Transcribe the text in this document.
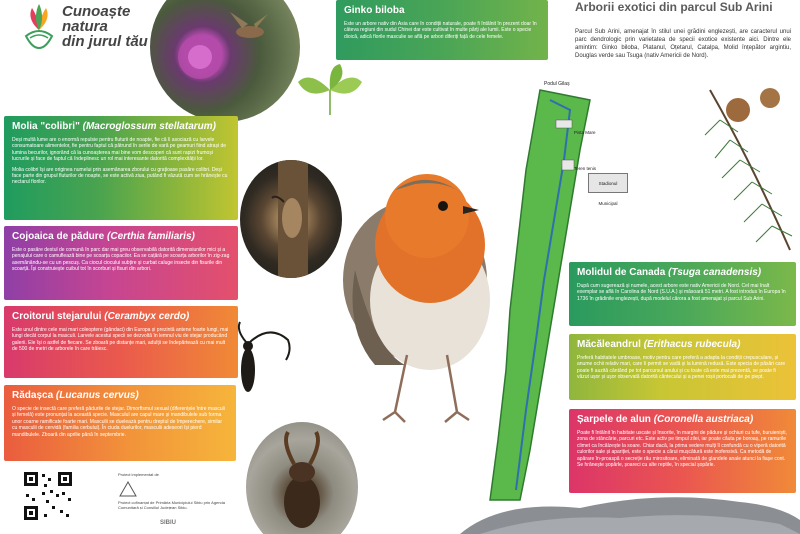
Cunoaște
natura
din jurul tău
Ginko biloba
Este un arbore nativ din Asia care în condiții naturale, poate fi întâlnit în prezent doar în câteva regiuni din sudul Chinei dar este cultivat în multe părți ale lumii. Este o specie dioică, adică florile masculie se află pe arbori diferiți față de cele femele.
Arborii exotici din parcul Sub Arini
Parcul Sub Arini, amenajat în stilul unei grădini englezești, are caracterul unui parc dendrologic prin varietatea de specii exotice existente aici. Dintre ele amintim: Ginko biloba, Platanul, Oțetarul, Catalpa, Molid înțepător argintiu, Douglas verde sau Tsuga (nativ Americii de Nord).
Molia "colibri" (Macroglossum stellatarum)

Deși multă lume are o enormă repulsie pentru fluturii de noapte, fie că îi asociază cu larvele consumatoare alimentelor, fie pentru faptul că pătrund în serile de vară pe geamuri fiind atrași de lumina becurilor, ignorând că la cunoașterea mai bine vom descoperi că sunt rapizi frumoși lucrurile și face de faptul că îndeplinesc un rol mai interesante datorită complexității lor.

Molia colibri își are originea numelui prin asemănarea zborului cu grațioase pasăre colibri. Deși face parte din grupul fluturilor de noapte, se este activă ziua, putând fi văzută cum se hrănește cu nectarul florilor.

Cojoaica de pădure (Certhia familiaris)
Este o pasăre destul de comună în parc dar mai greu observabilă datorită dimensiunilor mici și a penajului care o camuflează bine pe scoarța copacilor. Ea se cațără pe scoarța arborilor în zig-zag asemănându-se cu un pescuș. Ca ciocul ciocului subțire și curbat caluge insecte din fisurile din scoarță. Își construiește cuibul tot în scorburi și fisuri din arbori.
Croitorul stejarului (Cerambyx cerdo)
Este unul dintre cele mai mari coleoptere (gândaci) din Europa și prezintă antene foarte lungi, mai lungi decât corpul la masculi. Larvele acestui specii se dezvoltă în lemnul viu de stejar producând galerii. Ele își o astfel de fiecare. Se zboară pe distanțe mari, adulții se îndepărtează cu mai mult de 500 de metri de arborele în care trăiesc.
Rădașca (Lucanus cervus)
O specie de insectă care preferă pădurile de stejar. Dimorfismul sexual (diferențele între masculi și femelă) este pronunțat la această specie. Masculul are capul mare și mandibulele sub forma unor coarne ramificate foarte mari. Masculii se dueleazà pentru dreptul de împerechere, similar cu masculii de cervidă (familia cerbului). În ciuda duelurilor, masculii adeseori își pierd mandibulele. Zboară din aprilie până în septembrie.
Podul Gilaș
Pista Mare
Teren tenis
Stadionul Municipal
Molidul de Canada (Tsuga canadensis)
După cum sugerează și numele, acest arbore este nativ Americii de Nord. Cel mai înalt exemplar se află în Carolina de Nord (S.U.A.) și măsoară 51 metri. A fost introdus în Europa în 1736 în grădinile englezești, după modelul cărora a fost amenajat și parcul Sub Arini.
Măcăleandrul (Erithacus rubecula)
Preferă habitatele umbroase, motiv pentru care preferă a adapta la condiții crepusculare, și anume ochii relativ mari, care îi permit se vadă și la lumină redusă. Este specia de păsări care poate fi auzită cântând pe tot parcursul anului și cu toate că este mai prezentă, se poate fi văzut ușor și ușor observată datorită căntecului și a penei roșii portocalii de pe piept.
Șarpele de alun (Coronella austriaca)
Poate fi întâlnit în habitate uscate și însorite, în margini de pădure și ochiuri cu tufe, buruieniști, zona de stâncărie, parcuri etc. Este activ pe timpul zilei, iar poate căuta pe boroaș, pe ramurile climet ca încălzește la soare. Chiar dacă, la prima vedere mulți îl confundă cu o viperă datorită culorilor sale și apariției, este o specie a cărui mușcătură este inofensivă. Ca metodă de apărare în-proaspă o secreție rău mirositoare, eliminată de glandele anale atunci la fiașe cont. Se hrănește șopârle, șoareci cu alte reptile, în special șopârle.
Proiect implementat de
Proiect cofinanțat de Primăria Municipiului Sibiu prin Agenda Comunitară și Consiliul Județean Sibiu.
SIBIU
